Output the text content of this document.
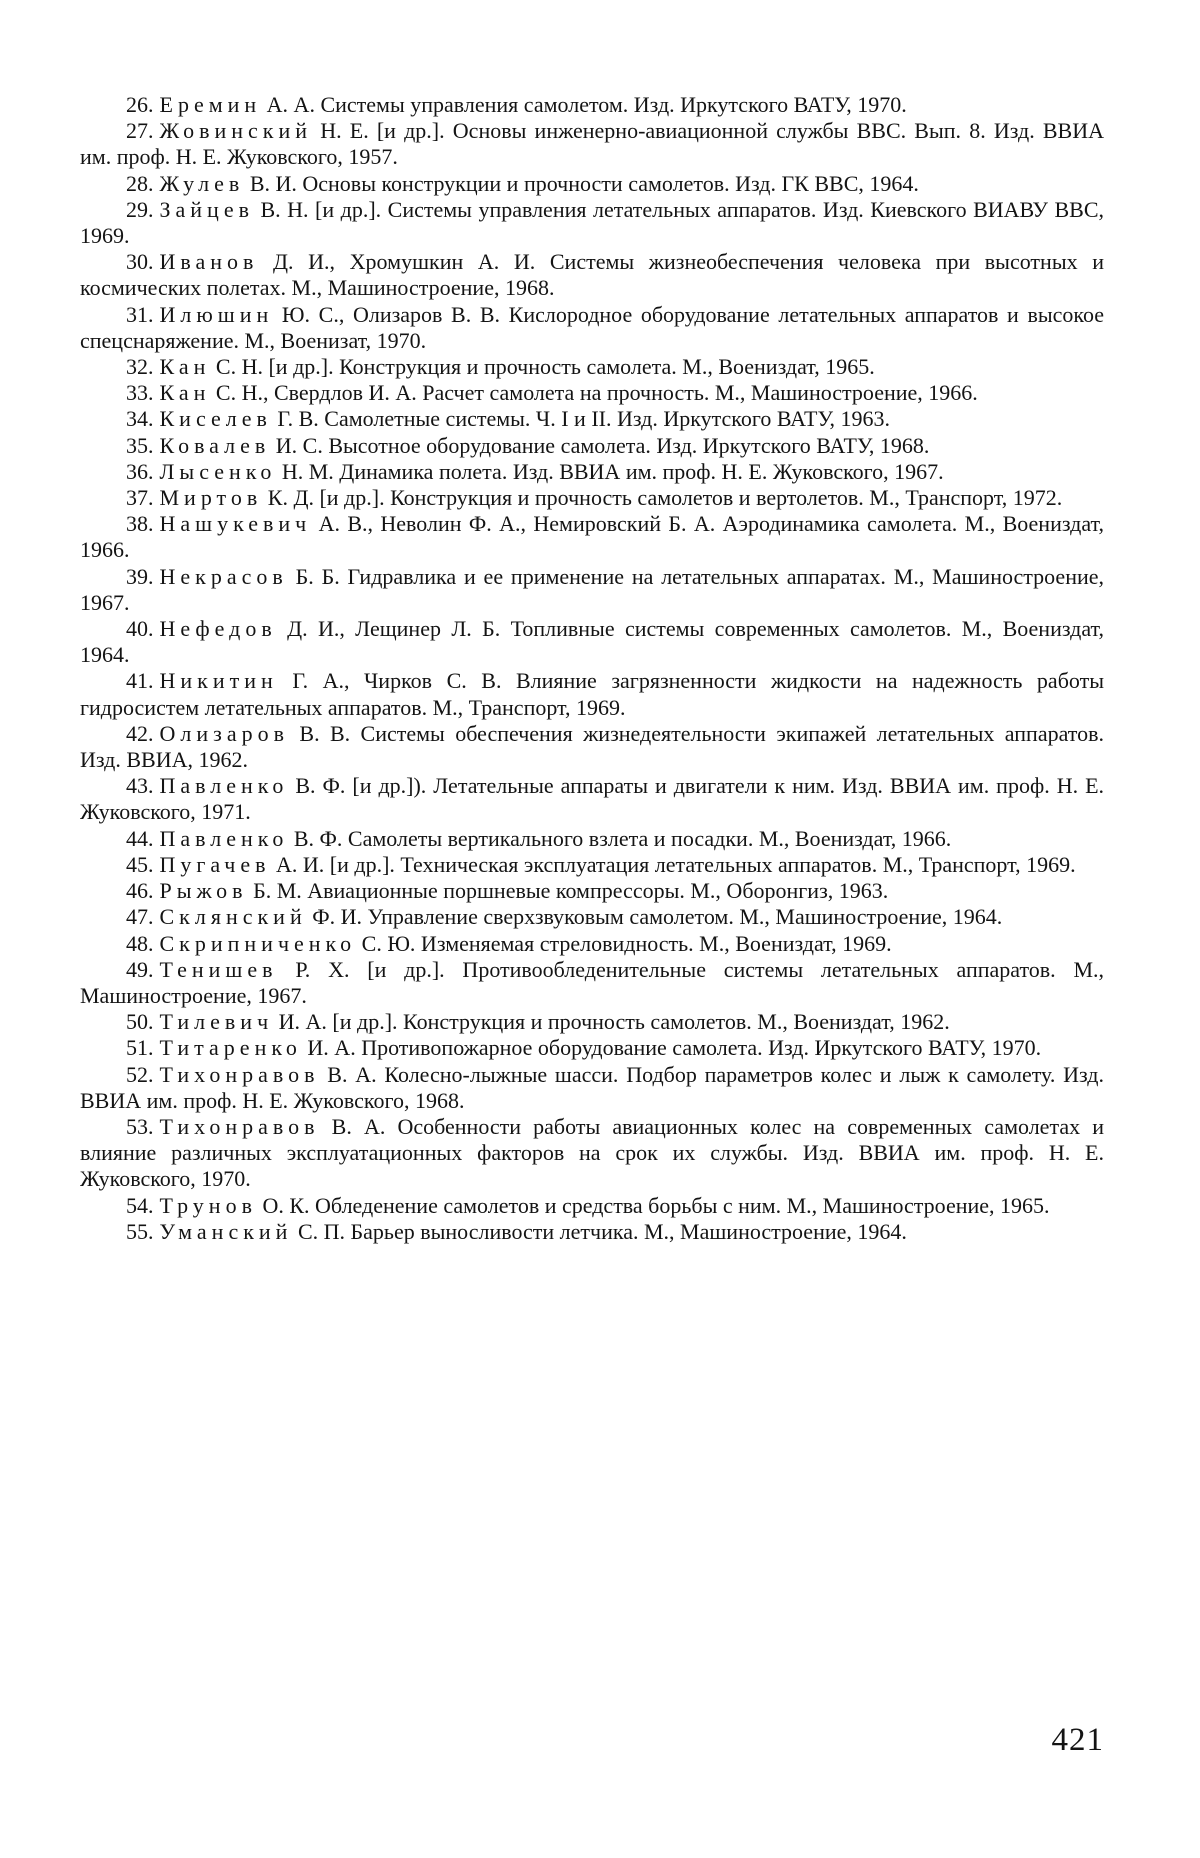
26. Еремин А. А. Системы управления самолетом. Изд. Иркутского ВАТУ, 1970.

27. Жовинский Н. Е. [и др.]. Основы инженерно-авиационной службы ВВС. Вып. 8. Изд. ВВИА им. проф. Н. Е. Жуковского, 1957.

28. Жулев В. И. Основы конструкции и прочности самолетов. Изд. ГК ВВС, 1964.

29. Зайцев В. Н. [и др.]. Системы управления летательных аппаратов. Изд. Киевского ВИАВУ ВВС, 1969.

30. Иванов Д. И., Хромушкин А. И. Системы жизнеобеспечения человека при высотных и космических полетах. М., Машиностроение, 1968.

31. Илюшин Ю. С., Олизаров В. В. Кислородное оборудование летательных аппаратов и высокое спецснаряжение. М., Военизат, 1970.

32. Кан С. Н. [и др.]. Конструкция и прочность самолета. М., Воениздат, 1965.

33. Кан С. Н., Свердлов И. А. Расчет самолета на прочность. М., Машиностроение, 1966.

34. Киселев Г. В. Самолетные системы. Ч. I и II. Изд. Иркутского ВАТУ, 1963.

35. Ковалев И. С. Высотное оборудование самолета. Изд. Иркутского ВАТУ, 1968.

36. Лысенко Н. М. Динамика полета. Изд. ВВИА им. проф. Н. Е. Жуковского, 1967.

37. Миртов К. Д. [и др.]. Конструкция и прочность самолетов и вертолетов. М., Транспорт, 1972.

38. Нашукевич А. В., Неволин Ф. А., Немировский Б. А. Аэродинамика самолета. М., Воениздат, 1966.

39. Некрасов Б. Б. Гидравлика и ее применение на летательных аппаратах. М., Машиностроение, 1967.

40. Нефедов Д. И., Лещинер Л. Б. Топливные системы современных самолетов. М., Воениздат, 1964.

41. Никитин Г. А., Чирков С. В. Влияние загрязненности жидкости на надежность работы гидросистем летательных аппаратов. М., Транспорт, 1969.

42. Олизаров В. В. Системы обеспечения жизнедеятельности экипажей летательных аппаратов. Изд. ВВИА, 1962.

43. Павленко В. Ф. [и др.]). Летательные аппараты и двигатели к ним. Изд. ВВИА им. проф. Н. Е. Жуковского, 1971.

44. Павленко В. Ф. Самолеты вертикального взлета и посадки. М., Воениздат, 1966.

45. Пугачев А. И. [и др.]. Техническая эксплуатация летательных аппаратов. М., Транспорт, 1969.

46. Рыжов Б. М. Авиационные поршневые компрессоры. М., Оборонгиз, 1963.

47. Склянский Ф. И. Управление сверхзвуковым самолетом. М., Машиностроение, 1964.

48. Скрипниченко С. Ю. Изменяемая стреловидность. М., Воениздат, 1969.

49. Тенишев Р. Х. [и др.]. Противообледенительные системы летательных аппаратов. М., Машиностроение, 1967.

50. Тилевич И. А. [и др.]. Конструкция и прочность самолетов. М., Воениздат, 1962.

51. Титаренко И. А. Противопожарное оборудование самолета. Изд. Иркутского ВАТУ, 1970.

52. Тихонравов В. А. Колесно-лыжные шасси. Подбор параметров колес и лыж к самолету. Изд. ВВИА им. проф. Н. Е. Жуковского, 1968.

53. Тихонравов В. А. Особенности работы авиационных колес на современных самолетах и влияние различных эксплуатационных факторов на срок их службы. Изд. ВВИА им. проф. Н. Е. Жуковского, 1970.

54. Трунов О. К. Обледенение самолетов и средства борьбы с ним. М., Машиностроение, 1965.

55. Уманский С. П. Барьер выносливости летчика. М., Машиностроение, 1964.

421
